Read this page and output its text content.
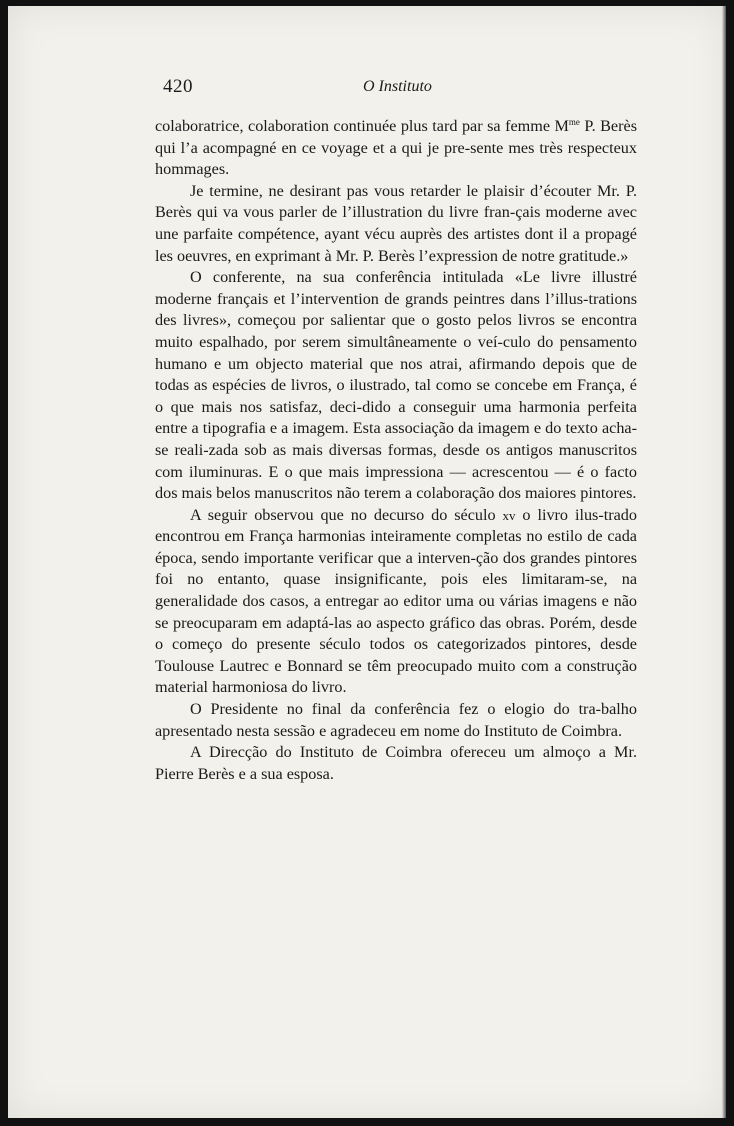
420	O Instituto

colaboratrice, colaboration continuée plus tard par sa femme $M^{me}$ P. Berès qui l’a acompagné en ce voyage et a qui je pre-sente mes très respecteux hommages.

Je termine, ne desirant pas vous retarder le plaisir d’écouter Mr. P. Berès qui va vous parler de l’illustration du livre fran-çais moderne avec une parfaite compétence, ayant vécu auprès des artistes dont il a propagé les oeuvres, en exprimant à Mr. P. Berès l’expression de notre gratitude.»

O conferente, na sua conferência intitulada «Le livre illustré moderne français et l’intervention de grands peintres dans l’illus-trations des livres», começou por salientar que o gosto pelos livros se encontra muito espalhado, por serem simultâneamente o veí-culo do pensamento humano e um objecto material que nos atrai, afirmando depois que de todas as espécies de livros, o ilustrado, tal como se concebe em França, é o que mais nos satisfaz, deci-dido a conseguir uma harmonia perfeita entre a tipografia e a imagem. Esta associação da imagem e do texto acha-se reali-zada sob as mais diversas formas, desde os antigos manuscritos com iluminuras. E o que mais impressiona — acrescentou — é o facto dos mais belos manuscritos não terem a colaboração dos maiores pintores.

A seguir observou que no decurso do século xv o livro ilus-trado encontrou em França harmonias inteiramente completas no estilo de cada época, sendo importante verificar que a interven-ção dos grandes pintores foi no entanto, quase insignificante, pois eles limitaram-se, na generalidade dos casos, a entregar ao editor uma ou várias imagens e não se preocuparam em adaptá-las ao aspecto gráfico das obras. Porém, desde o começo do presente século todos os categorizados pintores, desde Toulouse Lautrec e Bonnard se têm preocupado muito com a construção material harmoniosa do livro.

O Presidente no final da conferência fez o elogio do tra-balho apresentado nesta sessão e agradeceu em nome do Instituto de Coimbra.

A Direcção do Instituto de Coimbra ofereceu um almoço a Mr. Pierre Berès e a sua esposa.
